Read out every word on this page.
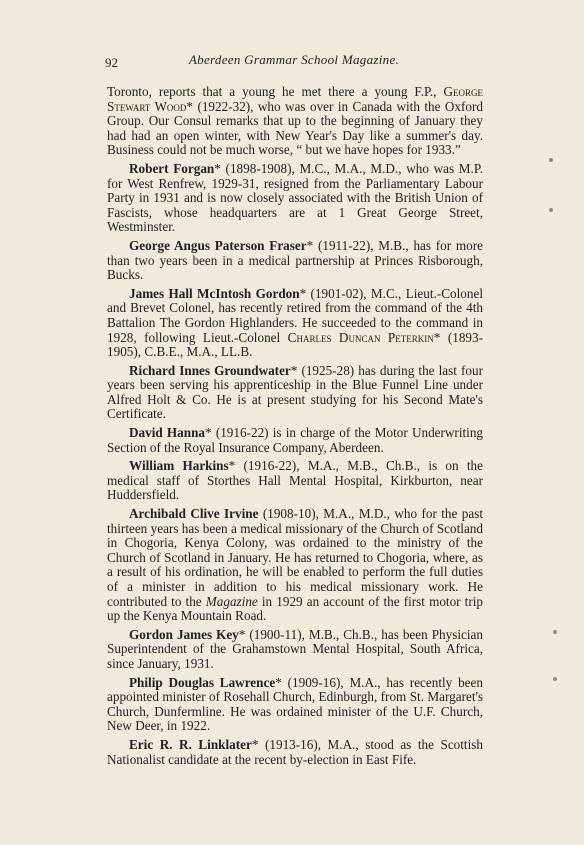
92	Aberdeen Grammar School Magazine.

Toronto, reports that a young he met there a young F.P., George Stewart Wood* (1922-32), who was over in Canada with the Oxford Group. Our Consul remarks that up to the beginning of January they had had an open winter, with New Year's Day like a summer's day. Business could not be much worse, “ but we have hopes for 1933.”

Robert Forgan* (1898-1908), M.C., M.A., M.D., who was M.P. for West Renfrew, 1929-31, resigned from the Parliamentary Labour Party in 1931 and is now closely associated with the British Union of Fascists, whose headquarters are at 1 Great George Street, Westminster.

George Angus Paterson Fraser* (1911-22), M.B., has for more than two years been in a medical partnership at Princes Risborough, Bucks.

James Hall McIntosh Gordon* (1901-02), M.C., Lieut.-Colonel and Brevet Colonel, has recently retired from the command of the 4th Battalion The Gordon Highlanders. He succeeded to the command in 1928, following Lieut.-Colonel Charles Duncan Peterkin* (1893-1905), C.B.E., M.A., LL.B.

Richard Innes Groundwater* (1925-28) has during the last four years been serving his apprenticeship in the Blue Funnel Line under Alfred Holt & Co. He is at present studying for his Second Mate's Certificate.

David Hanna* (1916-22) is in charge of the Motor Underwriting Section of the Royal Insurance Company, Aberdeen.

William Harkins* (1916-22), M.A., M.B., Ch.B., is on the medical staff of Storthes Hall Mental Hospital, Kirkburton, near Huddersfield.

Archibald Clive Irvine (1908-10), M.A., M.D., who for the past thirteen years has been a medical missionary of the Church of Scotland in Chogoria, Kenya Colony, was ordained to the ministry of the Church of Scotland in January. He has returned to Chogoria, where, as a result of his ordination, he will be enabled to perform the full duties of a minister in addition to his medical missionary work. He contributed to the Magazine in 1929 an account of the first motor trip up the Kenya Mountain Road.

Gordon James Key* (1900-11), M.B., Ch.B., has been Physician Superintendent of the Grahamstown Mental Hospital, South Africa, since January, 1931.

Philip Douglas Lawrence* (1909-16), M.A., has recently been appointed minister of Rosehall Church, Edinburgh, from St. Margaret's Church, Dunfermline. He was ordained minister of the U.F. Church, New Deer, in 1922.

Eric R. R. Linklater* (1913-16), M.A., stood as the Scottish Nationalist candidate at the recent by-election in East Fife.
